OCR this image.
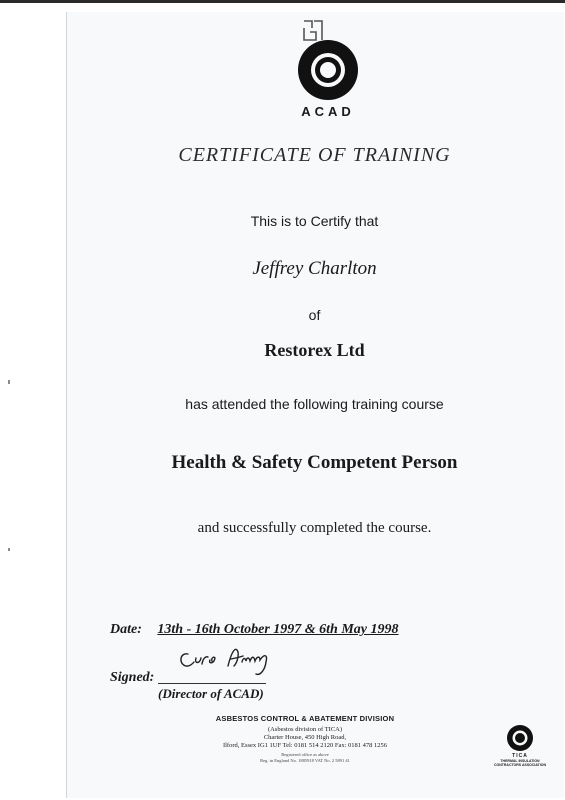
ACAD
CERTIFICATE OF TRAINING
This is to Certify that
Jeffrey Charlton
of
Restorex Ltd
has attended the following training course
Health & Safety Competent Person
and successfully completed the course.
Date: 13th - 16th October 1997 & 6th May 1998
Signed:
(Director of ACAD)
ASBESTOS CONTROL & ABATEMENT DIVISION
(Asbestos division of TICA)
Charter House, 450 High Road,
Ilford, Essex IG1 1UF Tel: 0181 514 2120 Fax: 0181 478 1256
Registered office as above
Reg. in England No. 1885918 VAT No. 2 5891 41
TICA
THERMAL INSULATION CONTRACTORS ASSOCIATION
